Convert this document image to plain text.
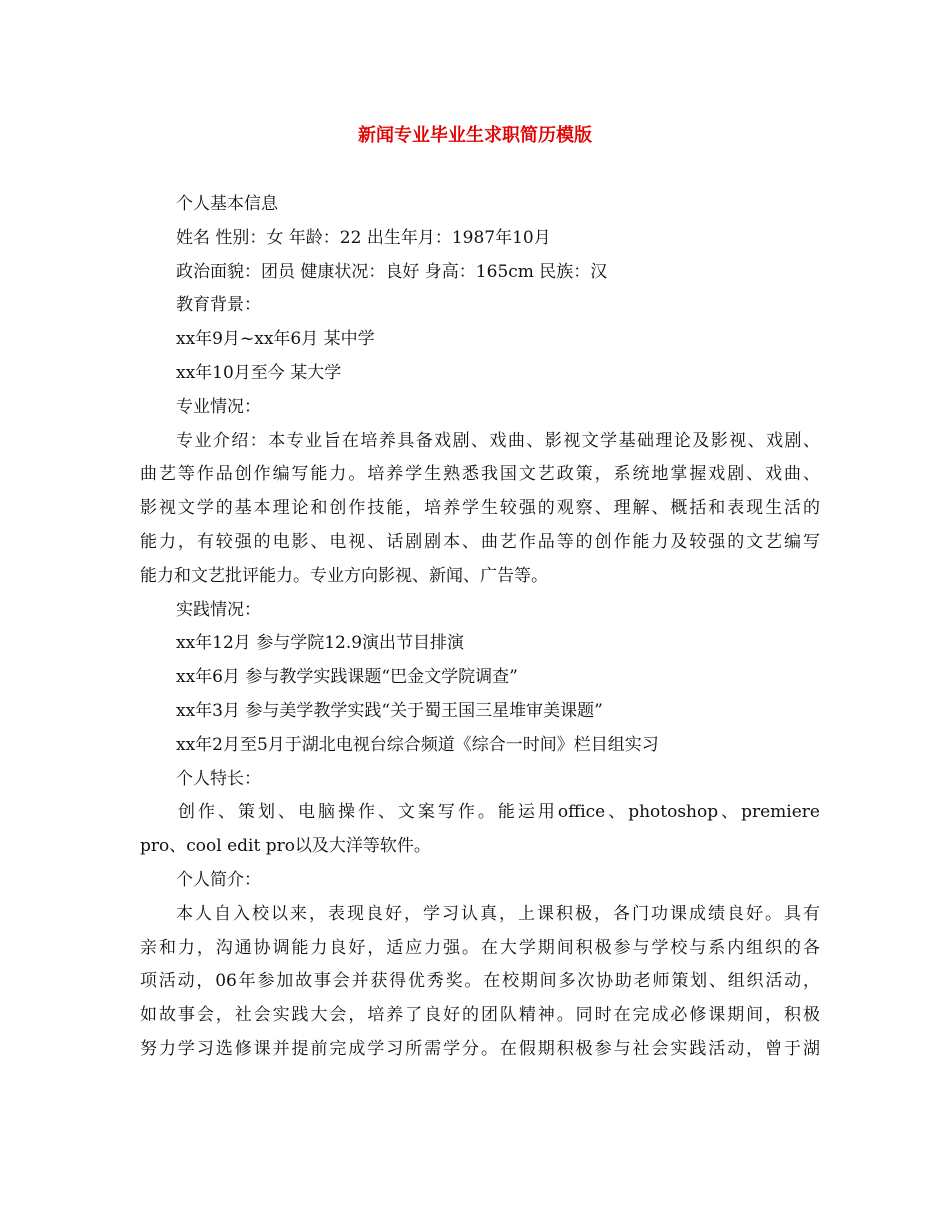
新闻专业毕业生求职简历模版
个人基本信息
姓名 性别：女 年龄：22 出生年月：1987年10月
政治面貌：团员 健康状况：良好 身高：165cm 民族：汉
教育背景：
xx年9月~xx年6月 某中学
xx年10月至今 某大学
专业情况：
专业介绍：本专业旨在培养具备戏剧、戏曲、影视文学基础理论及影视、戏剧、
曲艺等作品创作编写能力。培养学生熟悉我国文艺政策，系统地掌握戏剧、戏曲、
影视文学的基本理论和创作技能，培养学生较强的观察、理解、概括和表现生活的
能力，有较强的电影、电视、话剧剧本、曲艺作品等的创作能力及较强的文艺编写
能力和文艺批评能力。专业方向影视、新闻、广告等。
实践情况：
xx年12月 参与学院12.9演出节目排演
xx年6月 参与教学实践课题“巴金文学院调查”
xx年3月 参与美学教学实践“关于蜀王国三星堆审美课题”
xx年2月至5月于湖北电视台综合频道《综合一时间》栏目组实习
个人特长：
创作、策划、电脑操作、文案写作。能运用office、photoshop、premiere
pro、cool edit pro以及大洋等软件。
个人简介：
本人自入校以来，表现良好，学习认真，上课积极，各门功课成绩良好。具有
亲和力，沟通协调能力良好，适应力强。在大学期间积极参与学校与系内组织的各
项活动，06年参加故事会并获得优秀奖。在校期间多次协助老师策划、组织活动，
如故事会，社会实践大会，培养了良好的团队精神。同时在完成必修课期间，积极
努力学习选修课并提前完成学习所需学分。在假期积极参与社会实践活动，曾于湖
